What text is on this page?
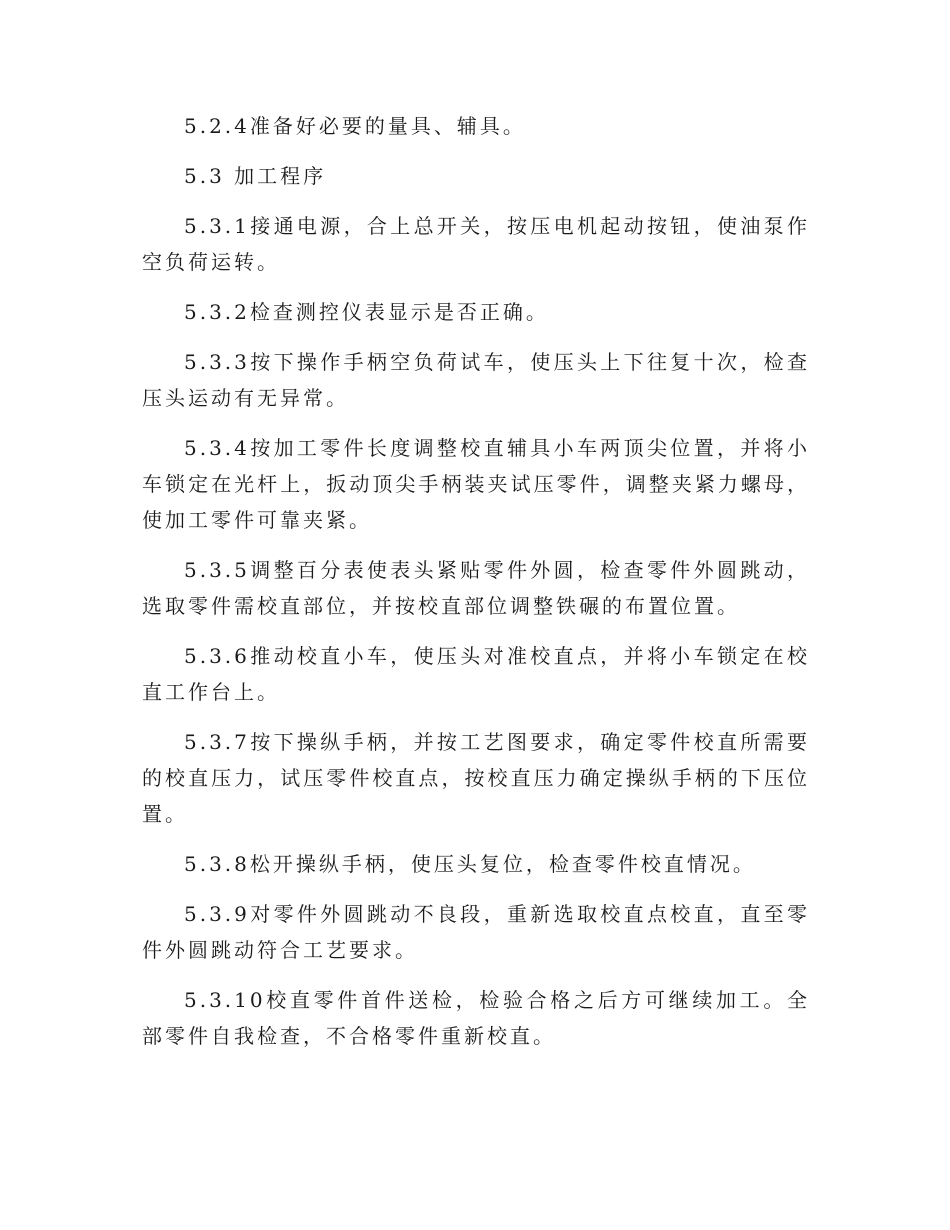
5.2.4准备好必要的量具、辅具。

5.3 加工程序

5.3.1接通电源，合上总开关，按压电机起动按钮，使油泵作空负荷运转。

5.3.2检查测控仪表显示是否正确。

5.3.3按下操作手柄空负荷试车，使压头上下往复十次，检查压头运动有无异常。

5.3.4按加工零件长度调整校直辅具小车两顶尖位置，并将小车锁定在光杆上，扳动顶尖手柄装夹试压零件，调整夹紧力螺母，使加工零件可靠夹紧。

5.3.5调整百分表使表头紧贴零件外圆，检查零件外圆跳动，选取零件需校直部位，并按校直部位调整铁碾的布置位置。

5.3.6推动校直小车，使压头对准校直点，并将小车锁定在校直工作台上。

5.3.7按下操纵手柄，并按工艺图要求，确定零件校直所需要的校直压力，试压零件校直点，按校直压力确定操纵手柄的下压位置。

5.3.8松开操纵手柄，使压头复位，检查零件校直情况。

5.3.9对零件外圆跳动不良段，重新选取校直点校直，直至零件外圆跳动符合工艺要求。

5.3.10校直零件首件送检，检验合格之后方可继续加工。全部零件自我检查，不合格零件重新校直。
